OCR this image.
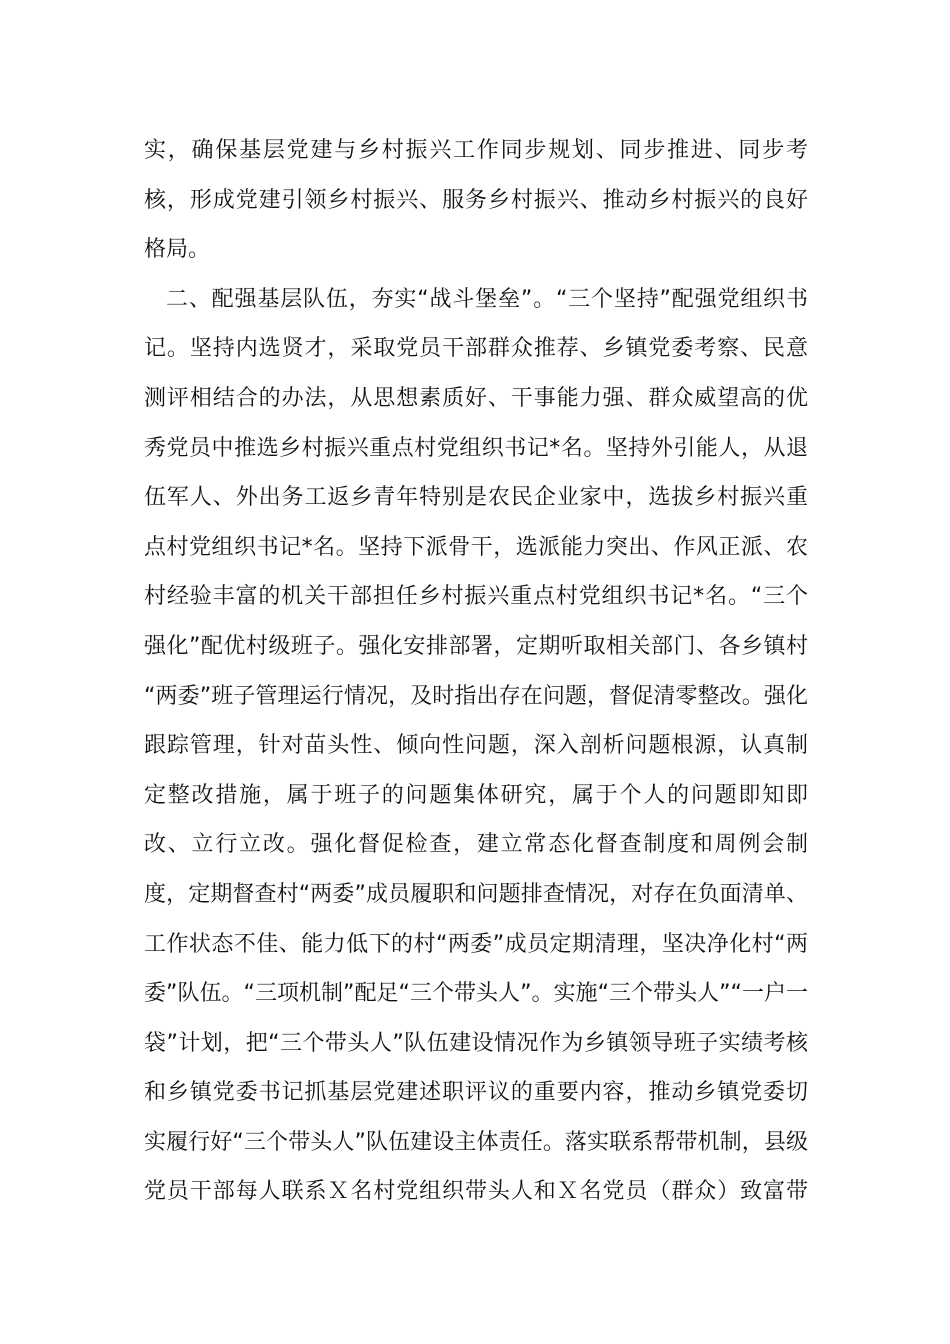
实，确保基层党建与乡村振兴工作同步规划、同步推进、同步考
核，形成党建引领乡村振兴、服务乡村振兴、推动乡村振兴的良好
格局。
二、配强基层队伍，夯实“战斗堡垒”。“三个坚持”配强党组织书
记。坚持内选贤才，采取党员干部群众推荐、乡镇党委考察、民意
测评相结合的办法，从思想素质好、干事能力强、群众威望高的优
秀党员中推选乡村振兴重点村党组织书记*名。坚持外引能人，从退
伍军人、外出务工返乡青年特别是农民企业家中，选拔乡村振兴重
点村党组织书记*名。坚持下派骨干，选派能力突出、作风正派、农
村经验丰富的机关干部担任乡村振兴重点村党组织书记*名。“三个
强化”配优村级班子。强化安排部署，定期听取相关部门、各乡镇村
“两委”班子管理运行情况，及时指出存在问题，督促清零整改。强化
跟踪管理，针对苗头性、倾向性问题，深入剖析问题根源，认真制
定整改措施，属于班子的问题集体研究，属于个人的问题即知即
改、立行立改。强化督促检查，建立常态化督查制度和周例会制
度，定期督查村“两委”成员履职和问题排查情况，对存在负面清单、
工作状态不佳、能力低下的村“两委”成员定期清理，坚决净化村“两
委”队伍。“三项机制”配足“三个带头人”。实施“三个带头人”“一户一
袋”计划，把“三个带头人”队伍建设情况作为乡镇领导班子实绩考核
和乡镇党委书记抓基层党建述职评议的重要内容，推动乡镇党委切
实履行好“三个带头人”队伍建设主体责任。落实联系帮带机制，县级
党员干部每人联系Ｘ名村党组织带头人和Ｘ名党员（群众）致富带
